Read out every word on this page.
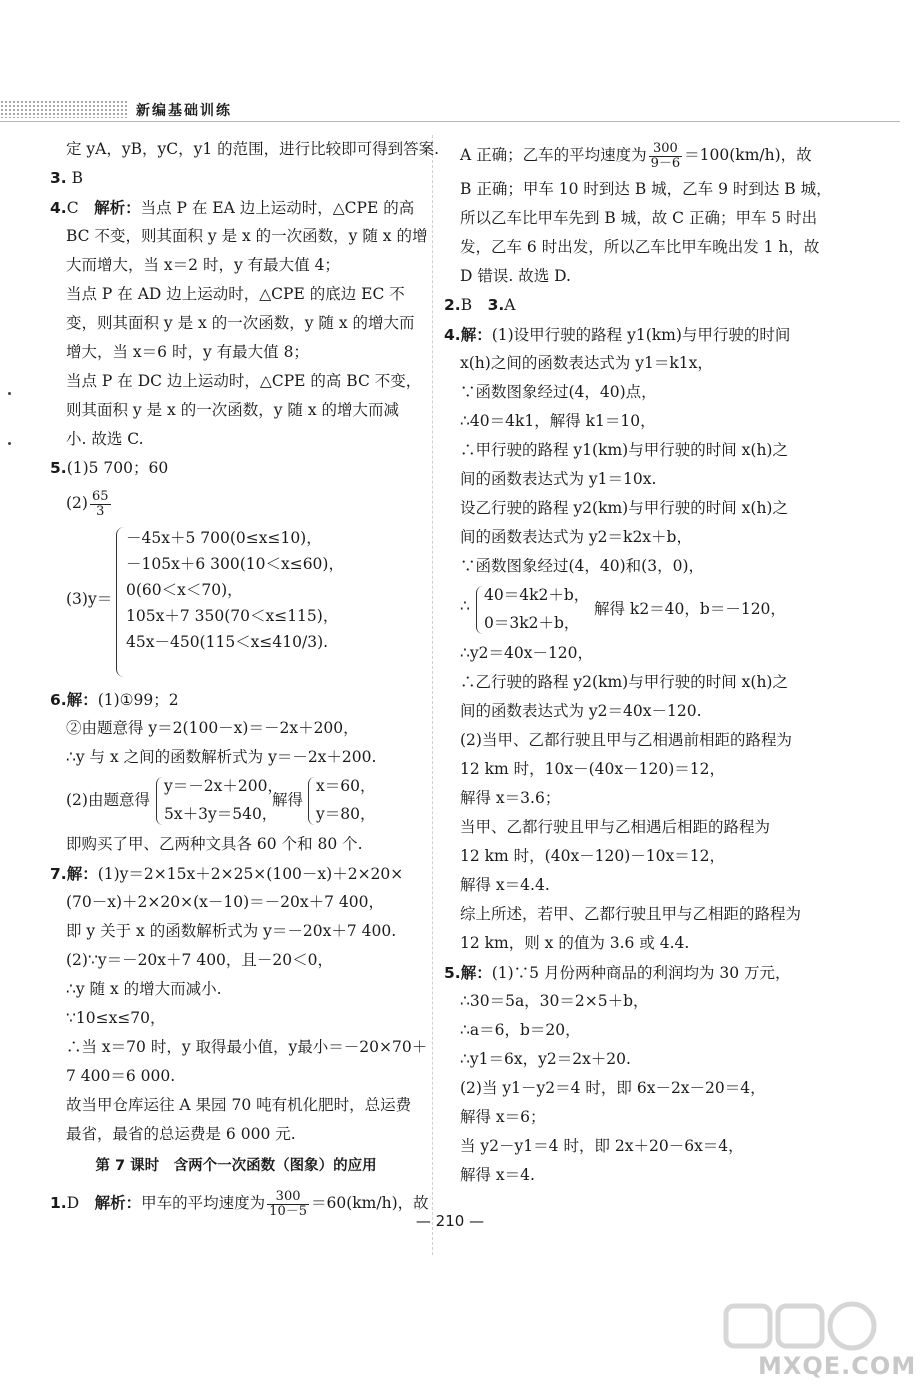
新编基础训练
定 yA，yB，yC，y1 的范围，进行比较即可得到答案.
3. B
4.C　 解析：当点 P 在 EA 边上运动时，△CPE 的高
BC 不变，则其面积 y 是 x 的一次函数，y 随 x 的增
大而增大，当 x＝2 时，y 有最大值 4；
当点 P 在 AD 边上运动时，△CPE 的底边 EC 不
变，则其面积 y 是 x 的一次函数，y 随 x 的增大而
增大，当 x＝6 时，y 有最大值 8；
当点 P 在 DC 边上运动时，△CPE 的高 BC 不变，
则其面积 y 是 x 的一次函数，y 随 x 的增大而减
小. 故选 C.
5.(1)5 700；60
$(2) \frac{65}{3}$
(3)y＝
－45x＋5 700(0≤x≤10)，
－105x＋6 300(10＜x≤60)，
0(60＜x＜70)，
105x＋7 350(70＜x≤115)，
45x－450(115＜x≤410/3).
6.解：(1)①99；2
②由题意得 y＝2(100－x)＝－2x＋200，
∴y 与 x 之间的函数解析式为 y＝－2x＋200.
(2)由题意得
y＝－2x＋200，
5x＋3y＝540，
解得
x＝60，
y＝80，
即购买了甲、乙两种文具各 60 个和 80 个.
7.解：(1)y＝2×15x＋2×25×(100－x)＋2×20×
(70－x)＋2×20×(x－10)＝－20x＋7 400，
即 y 关于 x 的函数解析式为 y＝－20x＋7 400.
(2)∵y＝－20x＋7 400，且－20＜0，
∴y 随 x 的增大而减小.
∵10≤x≤70，
∴当 x＝70 时，y 取得最小值，y最小＝－20×70＋
7 400＝6 000.
故当甲仓库运往 A 果园 70 吨有机化肥时，总运费
最省，最省的总运费是 6 000 元.
第 7 课时　含两个一次函数（图象）的应用
1.D　 解析：甲车的平均速度为 $\frac{300}{10-5} =60(km/h)$，故
A 正确；乙车的平均速度为 $\frac{300}{9-6} =100(km/h)$，故
B 正确；甲车 10 时到达 B 城，乙车 9 时到达 B 城，
所以乙车比甲车先到 B 城，故 C 正确；甲车 5 时出
发，乙车 6 时出发，所以乙车比甲车晚出发 1 h，故
D 错误. 故选 D.
2.B　 3.A
4.解：(1)设甲行驶的路程 y1(km)与甲行驶的时间
x(h)之间的函数表达式为 y1＝k1x，
∵函数图象经过(4，40)点，
∴40＝4k1，解得 k1＝10，
∴甲行驶的路程 y1(km)与甲行驶的时间 x(h)之
间的函数表达式为 y1＝10x.
设乙行驶的路程 y2(km)与甲行驶的时间 x(h)之
间的函数表达式为 y2＝k2x＋b，
∵函数图象经过(4，40)和(3，0)，
∴
40＝4k2＋b，
0＝3k2＋b，
解得 k2＝40，b＝－120，
∴y2＝40x－120，
∴乙行驶的路程 y2(km)与甲行驶的时间 x(h)之
间的函数表达式为 y2＝40x－120.
(2)当甲、乙都行驶且甲与乙相遇前相距的路程为
12 km 时，10x－(40x－120)＝12，
解得 x＝3.6；
当甲、乙都行驶且甲与乙相遇后相距的路程为
12 km 时，(40x－120)－10x＝12，
解得 x＝4.4.
综上所述，若甲、乙都行驶且甲与乙相距的路程为
12 km，则 x 的值为 3.6 或 4.4.
5.解：(1)∵5 月份两种商品的利润均为 30 万元，
∴30＝5a，30＝2×5＋b，
∴a＝6，b＝20，
∴y1＝6x，y2＝2x＋20.
(2)当 y1－y2＝4 时，即 6x－2x－20＝4，
解得 x＝6；
当 y2－y1＝4 时，即 2x＋20－6x＝4，
解得 x＝4.
— 210 —
MXQE.COM
